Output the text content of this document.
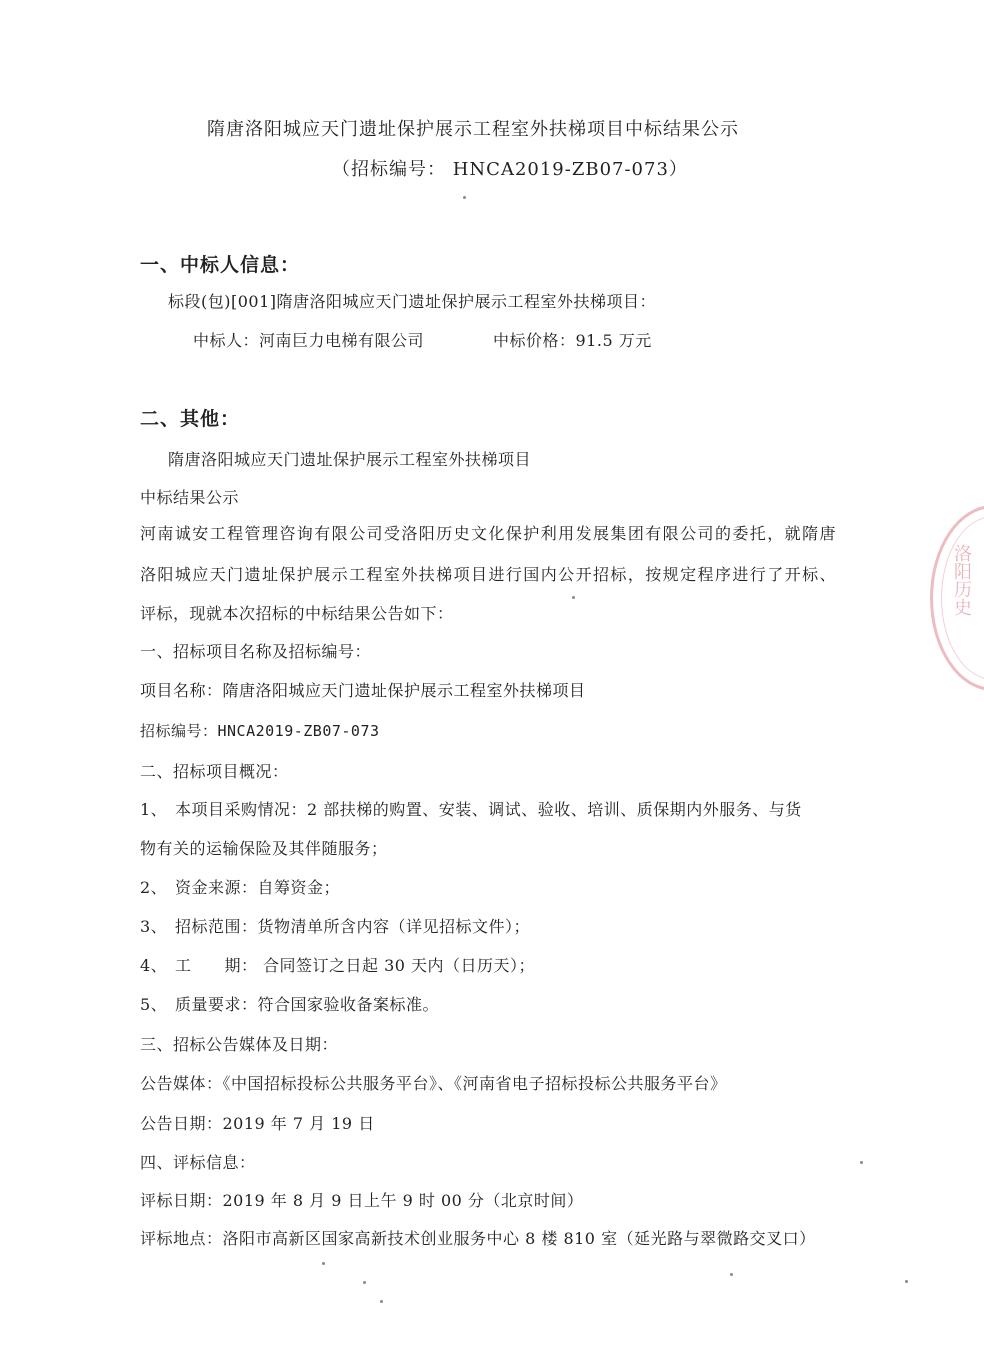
隋唐洛阳城应天门遗址保护展示工程室外扶梯项目中标结果公示
（招标编号： HNCA2019-ZB07-073）
一、中标人信息：
标段(包)[001]隋唐洛阳城应天门遗址保护展示工程室外扶梯项目：
中标人：河南巨力电梯有限公司	中标价格：91.5 万元
二、其他：
隋唐洛阳城应天门遗址保护展示工程室外扶梯项目
中标结果公示
河南诚安工程管理咨询有限公司受洛阳历史文化保护利用发展集团有限公司的委托，就隋唐
洛阳城应天门遗址保护展示工程室外扶梯项目进行国内公开招标，按规定程序进行了开标、
评标，现就本次招标的中标结果公告如下：
一、招标项目名称及招标编号：
项目名称：隋唐洛阳城应天门遗址保护展示工程室外扶梯项目
招标编号：HNCA2019-ZB07-073
二、招标项目概况：
1、 本项目采购情况：2 部扶梯的购置、安装、调试、验收、培训、质保期内外服务、与货
物有关的运输保险及其伴随服务；
2、 资金来源：自筹资金；
3、 招标范围：货物清单所含内容（详见招标文件）；
4、 工　　期： 合同签订之日起 30 天内（日历天）；
5、 质量要求：符合国家验收备案标准。
三、招标公告媒体及日期：
公告媒体：《中国招标投标公共服务平台》、《河南省电子招标投标公共服务平台》
公告日期：2019 年 7 月 19 日
四、评标信息：
评标日期：2019 年 8 月 9 日上午 9 时 00 分（北京时间）
评标地点：洛阳市高新区国家高新技术创业服务中心 8 楼 810 室（延光路与翠微路交叉口）
洛阳历史
